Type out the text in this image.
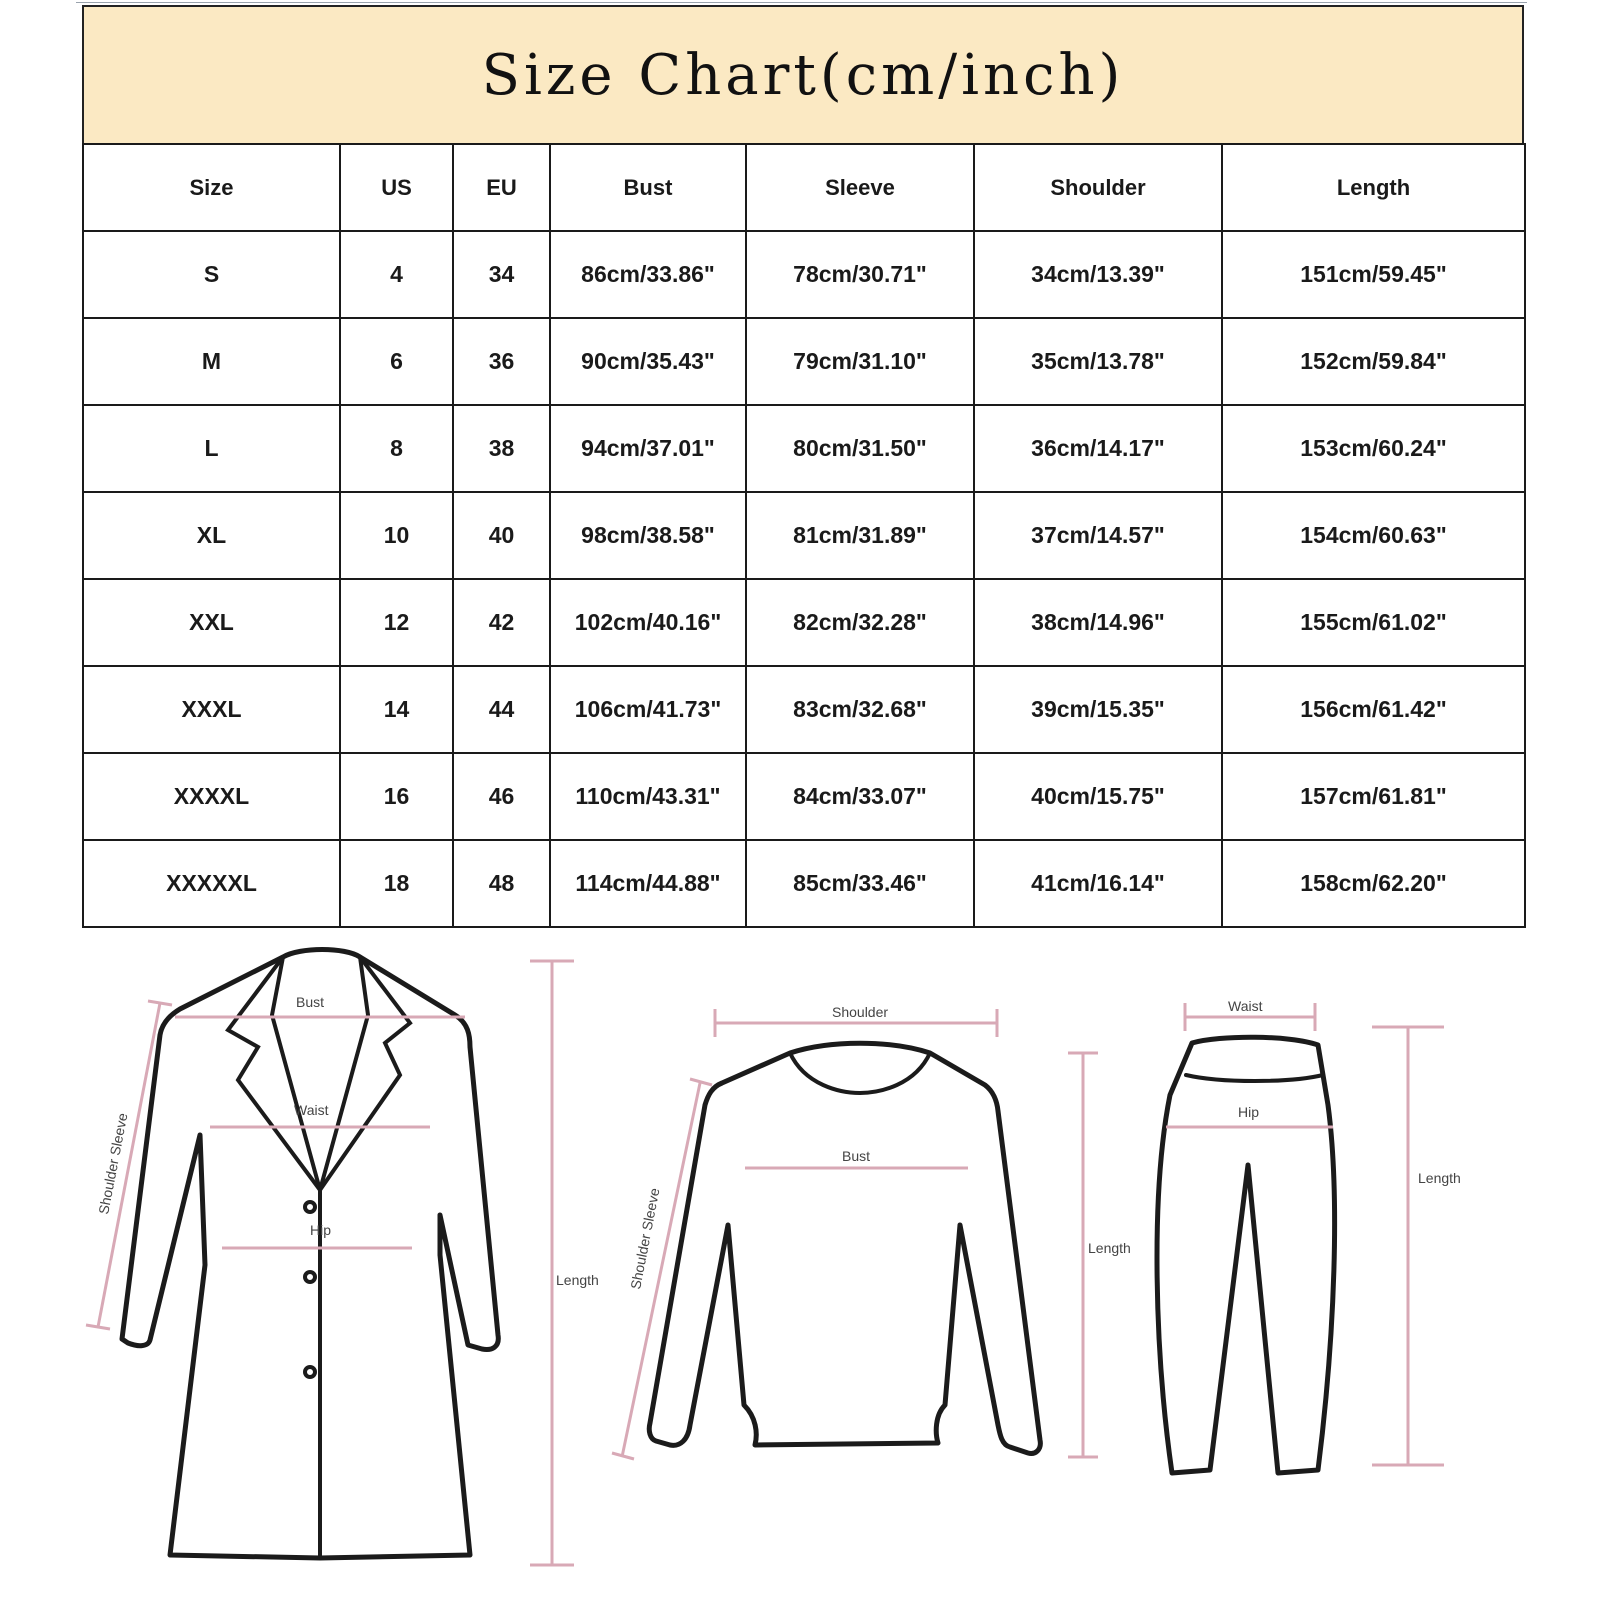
Size Chart(cm/inch)
Size	US	EU	Bust	Sleeve	Shoulder	Length
S	4	34	86cm/33.86"	78cm/30.71"	34cm/13.39"	151cm/59.45"
M	6	36	90cm/35.43"	79cm/31.10"	35cm/13.78"	152cm/59.84"
L	8	38	94cm/37.01"	80cm/31.50"	36cm/14.17"	153cm/60.24"
XL	10	40	98cm/38.58"	81cm/31.89"	37cm/14.57"	154cm/60.63"
XXL	12	42	102cm/40.16"	82cm/32.28"	38cm/14.96"	155cm/61.02"
XXXL	14	44	106cm/41.73"	83cm/32.68"	39cm/15.35"	156cm/61.42"
XXXXL	16	46	110cm/43.31"	84cm/33.07"	40cm/15.75"	157cm/61.81"
XXXXXL	18	48	114cm/44.88"	85cm/33.46"	41cm/16.14"	158cm/62.20"
Bust
Waist
Hip
Shoulder Sleeve
Length
Shoulder
Bust
Shoulder Sleeve	Length
Waist
Hip
Length
